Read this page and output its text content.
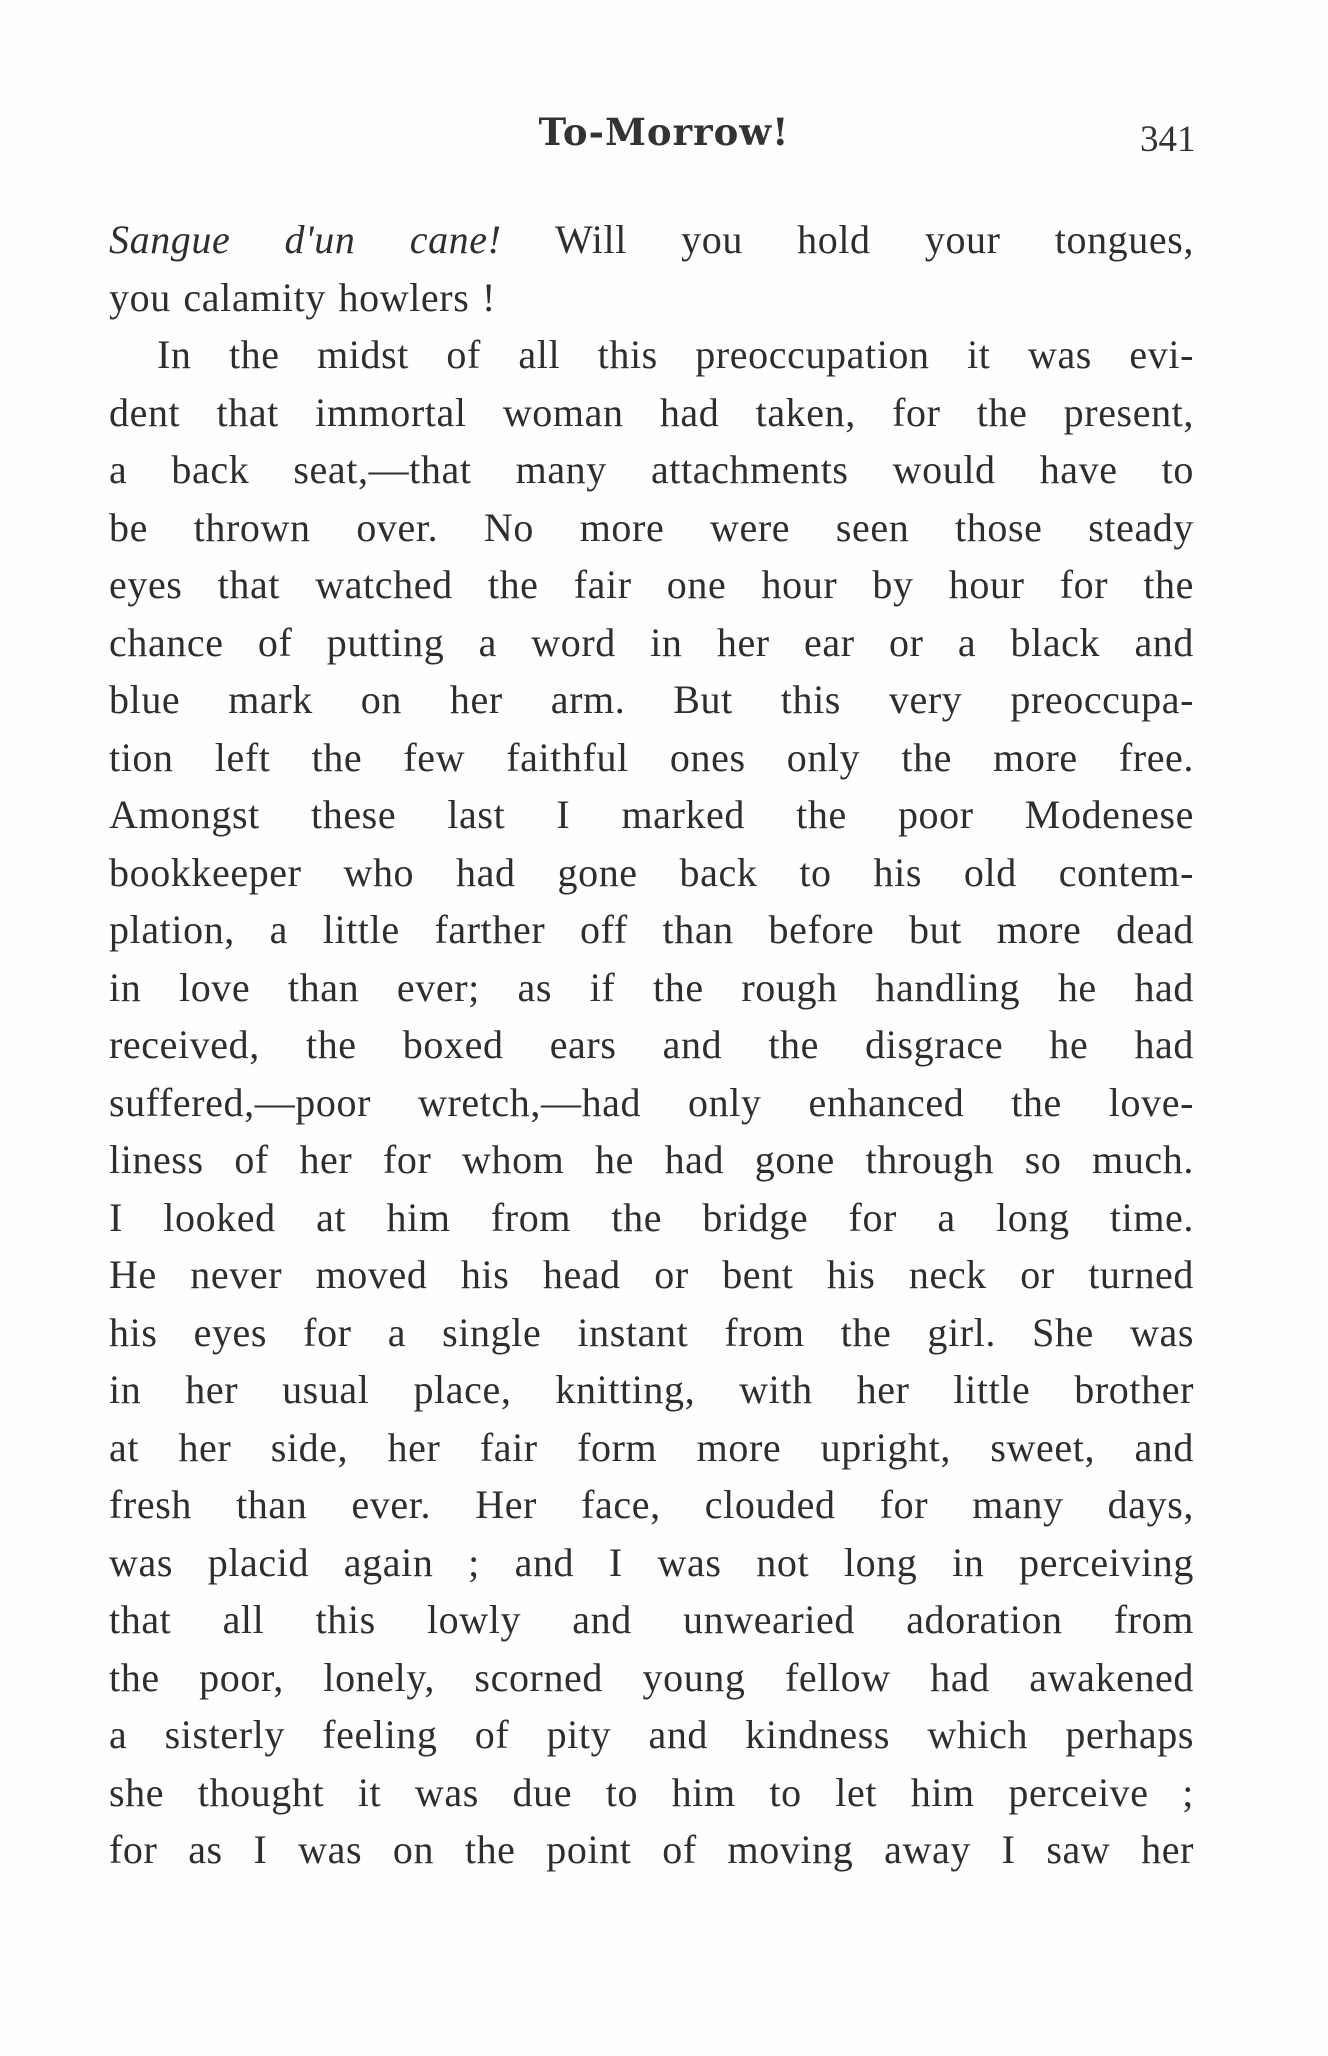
To-Morrow!	341
Sangue d'un cane! Will you hold your tongues,
you calamity howlers !
In the midst of all this preoccupation it was evi-
dent that immortal woman had taken, for the present,
a back seat,—that many attachments would have to
be thrown over. No more were seen those steady
eyes that watched the fair one hour by hour for the
chance of putting a word in her ear or a black and
blue mark on her arm. But this very preoccupa-
tion left the few faithful ones only the more free.
Amongst these last I marked the poor Modenese
bookkeeper who had gone back to his old contem-
plation, a little farther off than before but more dead
in love than ever; as if the rough handling he had
received, the boxed ears and the disgrace he had
suffered,—poor wretch,—had only enhanced the love-
liness of her for whom he had gone through so much.
I looked at him from the bridge for a long time.
He never moved his head or bent his neck or turned
his eyes for a single instant from the girl. She was
in her usual place, knitting, with her little brother
at her side, her fair form more upright, sweet, and
fresh than ever. Her face, clouded for many days,
was placid again ; and I was not long in perceiving
that all this lowly and unwearied adoration from
the poor, lonely, scorned young fellow had awakened
a sisterly feeling of pity and kindness which perhaps
she thought it was due to him to let him perceive ;
for as I was on the point of moving away I saw her
